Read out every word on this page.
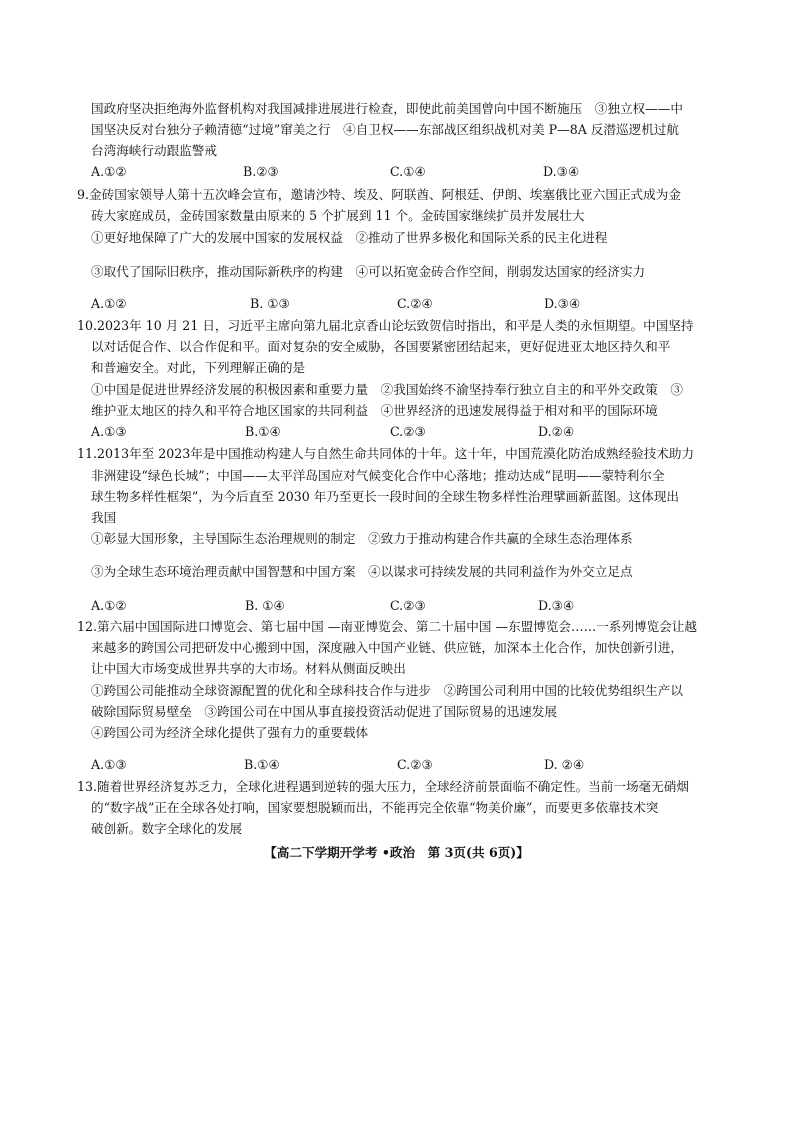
国政府坚决拒绝海外监督机构对我国减排进展进行检查，即使此前美国曾向中国不断施压　③独立权——中
国坚决反对台独分子赖清德“过境”窜美之行　④自卫权——东部战区组织战机对美 P—8A 反潜巡逻机过航
台湾海峡行动跟监警戒
A.①②	B.②③	C.①④	D.③④
9.金砖国家领导人第十五次峰会宣布，邀请沙特、埃及、阿联酋、阿根廷、伊朗、埃塞俄比亚六国正式成为金
砖大家庭成员，金砖国家数量由原来的 5 个扩展到 11 个。金砖国家继续扩员并发展壮大
①更好地保障了广大的发展中国家的发展权益　②推动了世界多极化和国际关系的民主化进程
③取代了国际旧秩序，推动国际新秩序的构建　④可以拓宽金砖合作空间，削弱发达国家的经济实力
A.①②	B. ①③	C.②④	D.③④
10.2023年 10 月 21 日，习近平主席向第九届北京香山论坛致贺信时指出，和平是人类的永恒期望。中国坚持
以对话促合作、以合作促和平。面对复杂的安全威胁，各国要紧密团结起来，更好促进亚太地区持久和平
和普遍安全。对此，下列理解正确的是
①中国是促进世界经济发展的积极因素和重要力量　②我国始终不渝坚持奉行独立自主的和平外交政策　③
维护亚太地区的持久和平符合地区国家的共同利益　④世界经济的迅速发展得益于相对和平的国际环境
A.①③	B.①④	C.②③	D.②④
11.2013年至 2023年是中国推动构建人与自然生命共同体的十年。这十年，中国荒漠化防治成熟经验技术助力
非洲建设“绿色长城”；中国——太平洋岛国应对气候变化合作中心落地；推动达成“昆明——蒙特利尔全
球生物多样性框架”，为今后直至 2030 年乃至更长一段时间的全球生物多样性治理擘画新蓝图。这体现出
我国
①彰显大国形象，主导国际生态治理规则的制定　②致力于推动构建合作共赢的全球生态治理体系
③为全球生态环境治理贡献中国智慧和中国方案　④以谋求可持续发展的共同利益作为外交立足点
A.①②	B. ①④	C.②③	D.③④
12.第六届中国国际进口博览会、第七届中国 —南亚博览会、第二十届中国 —东盟博览会……一系列博览会让越
来越多的跨国公司把研发中心搬到中国，深度融入中国产业链、供应链，加深本土化合作，加快创新引进，
让中国大市场变成世界共享的大市场。材料从侧面反映出
①跨国公司能推动全球资源配置的优化和全球科技合作与进步　②跨国公司利用中国的比较优势组织生产以
破除国际贸易壁垒　③跨国公司在中国从事直接投资活动促进了国际贸易的迅速发展
④跨国公司为经济全球化提供了强有力的重要载体
A.①③	B.①④	C.②③	D. ②④
13.随着世界经济复苏乏力，全球化进程遇到逆转的强大压力，全球经济前景面临不确定性。当前一场毫无硝烟
的“数字战”正在全球各处打响，国家要想脱颖而出，不能再完全依靠“物美价廉”，而要更多依靠技术突
破创新。数字全球化的发展
【高二下学期开学考 •政治　第 3页(共 6页)】
